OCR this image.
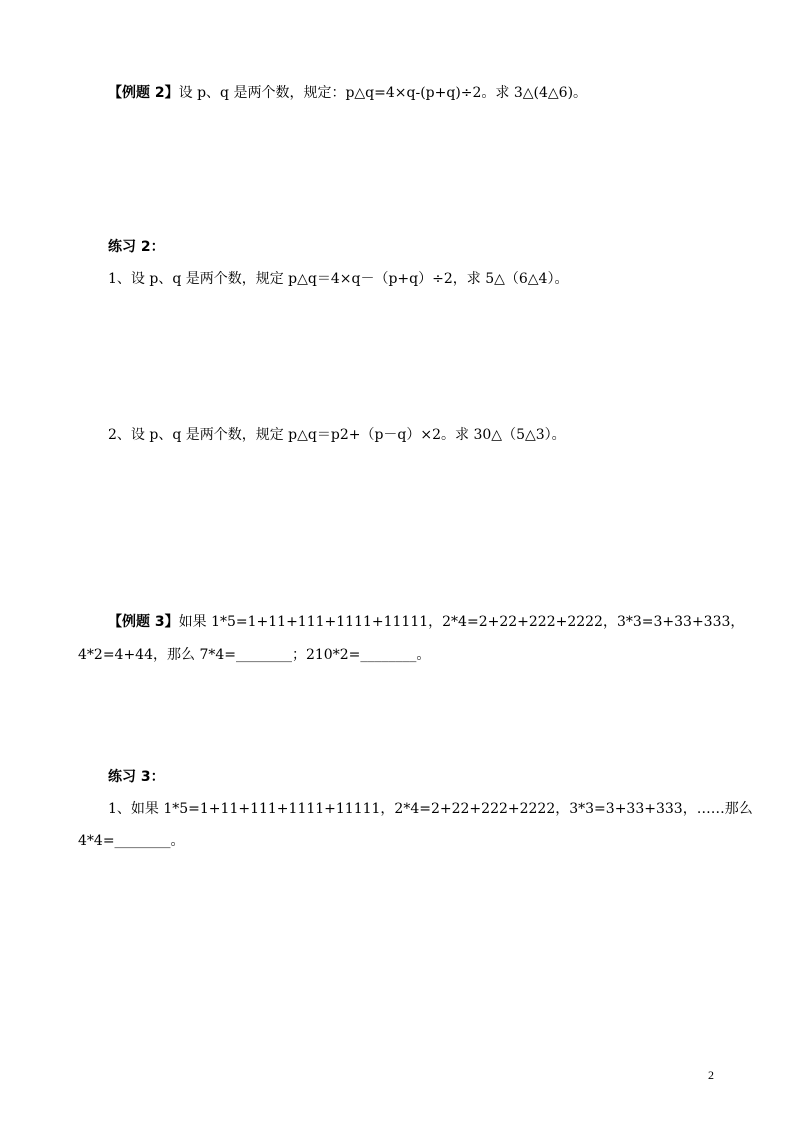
【例题 2】设 p、q 是两个数，规定：p△q=4×q-(p+q)÷2。求 3△(4△6)。
练习 2：
1、设 p、q 是两个数，规定 p△q＝4×q－（p+q）÷2，求 5△（6△4）。
2、设 p、q 是两个数，规定 p△q＝p2+（p－q）×2。求 30△（5△3）。
【例题 3】如果 1*5=1+11+111+1111+11111，2*4=2+22+222+2222，3*3=3+33+333，
4*2=4+44，那么 7*4=________；210*2=________。
练习 3：
1、如果 1*5=1+11+111+1111+11111，2*4=2+22+222+2222，3*3=3+33+333，……那么
4*4=________。
2
